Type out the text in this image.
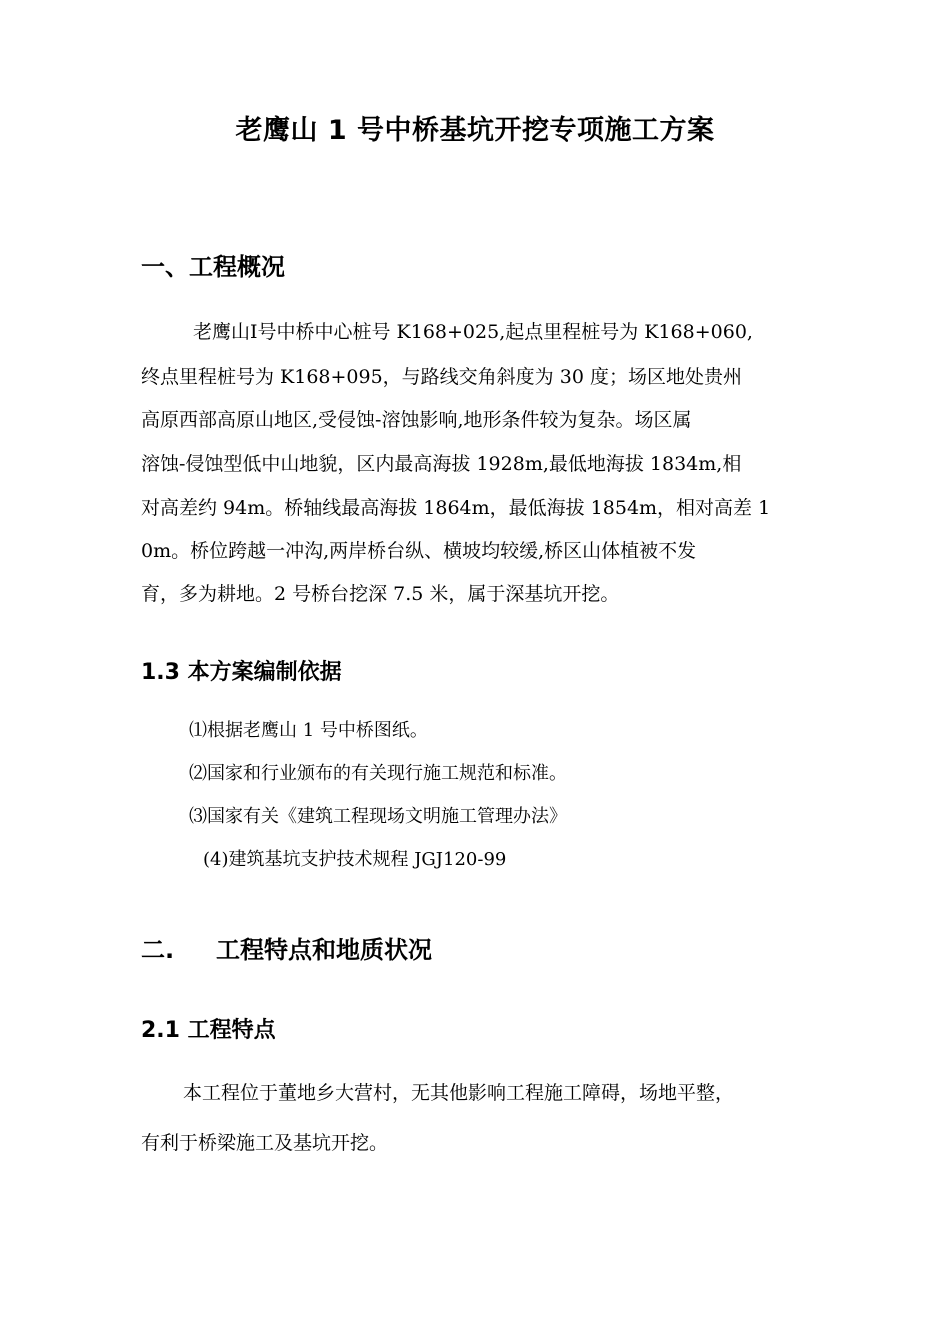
老鹰山 1 号中桥基坑开挖专项施工方案
一、工程概况
老鹰山Ⅰ号中桥中心桩号 K168+025,起点里程桩号为 K168+060,
终点里程桩号为 K168+095，与路线交角斜度为 30 度；场区地处贵州
高原西部高原山地区,受侵蚀-溶蚀影响,地形条件较为复杂。场区属
溶蚀-侵蚀型低中山地貌，区内最高海拔 1928m,最低地海拔 1834m,相
对高差约 94m。桥轴线最高海拔 1864m，最低海拔 1854m，相对高差 1
0m。桥位跨越一冲沟,两岸桥台纵、横坡均较缓,桥区山体植被不发
育，多为耕地。2 号桥台挖深 7.5 米，属于深基坑开挖。
1.3 本方案编制依据
⑴根据老鹰山 1 号中桥图纸。
⑵国家和行业颁布的有关现行施工规范和标准。
⑶国家有关《建筑工程现场文明施工管理办法》
(4)建筑基坑支护技术规程 JGJ120-99
二. 工程特点和地质状况
2.1 工程特点
本工程位于董地乡大营村，无其他影响工程施工障碍，场地平整，
有利于桥梁施工及基坑开挖。
